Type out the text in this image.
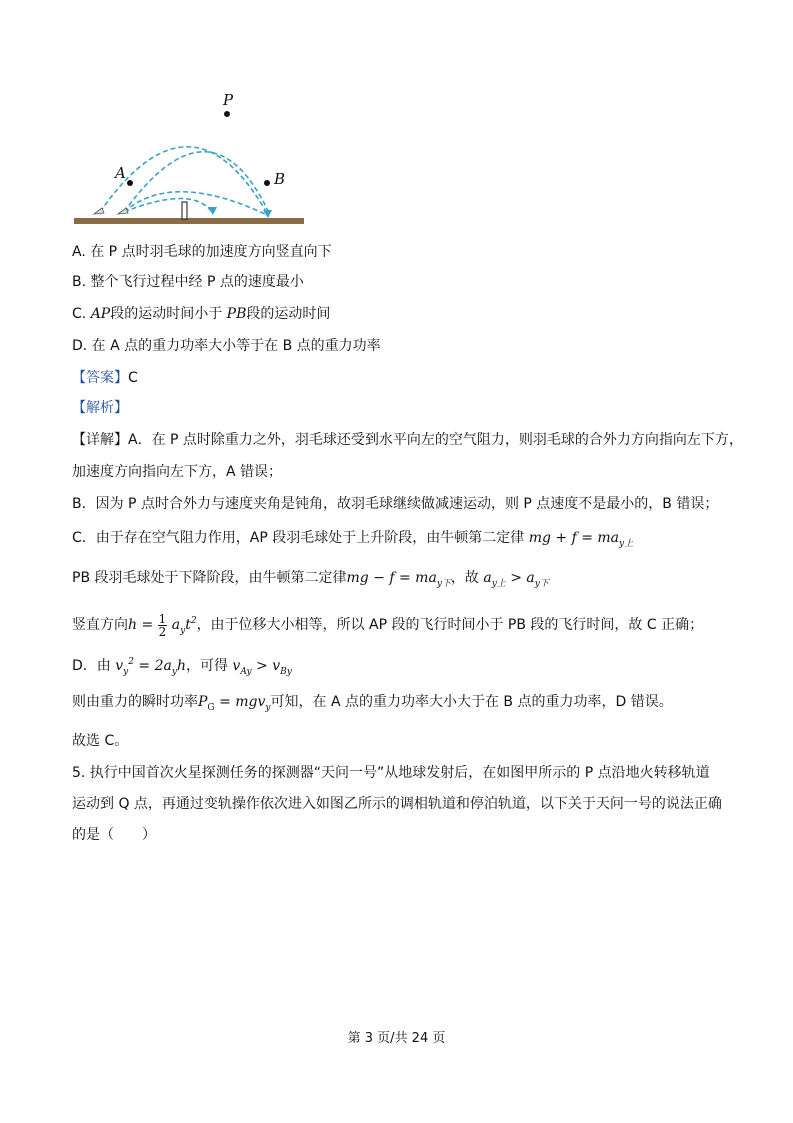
P
A	B
A. 在 P 点时羽毛球的加速度方向竖直向下
B. 整个飞行过程中经 P 点的速度最小
C. AP段的运动时间小于 PB段的运动时间
D. 在 A 点的重力功率大小等于在 B 点的重力功率
【答案】C
【解析】
【详解】A．在 P 点时除重力之外，羽毛球还受到水平向左的空气阻力，则羽毛球的合外力方向指向左下方，
加速度方向指向左下方，A 错误；
B．因为 P 点时合外力与速度夹角是钝角，故羽毛球继续做减速运动，则 P 点速度不是最小的，B 错误；
C．由于存在空气阻力作用，AP 段羽毛球处于上升阶段，由牛顿第二定律 mg + $f = ma_{y上}$
PB 段羽毛球处于下降阶段，由牛顿第二定律mg − $f = ma_{y下}$，故 $a_{y上} > a_{y下}$
竖直方向$h = \frac{1}{2} a_yt^2$，由于位移大小相等，所以 AP 段的飞行时间小于 PB 段的飞行时间，故 C 正确；
D．由 $v_y^2 = 2a_yh$，可得 $v_{Ay} > v_{By}$
则由重力的瞬时功率$P_G = mgv_y$可知，在 A 点的重力功率大小大于在 B 点的重力功率，D 错误。
故选 C。
5. 执行中国首次火星探测任务的探测器“天问一号”从地球发射后，在如图甲所示的 P 点沿地火转移轨道
运动到 Q 点，再通过变轨操作依次进入如图乙所示的调相轨道和停泊轨道，以下关于天问一号的说法正确
的是（　　）
第 3 页/共 24 页
